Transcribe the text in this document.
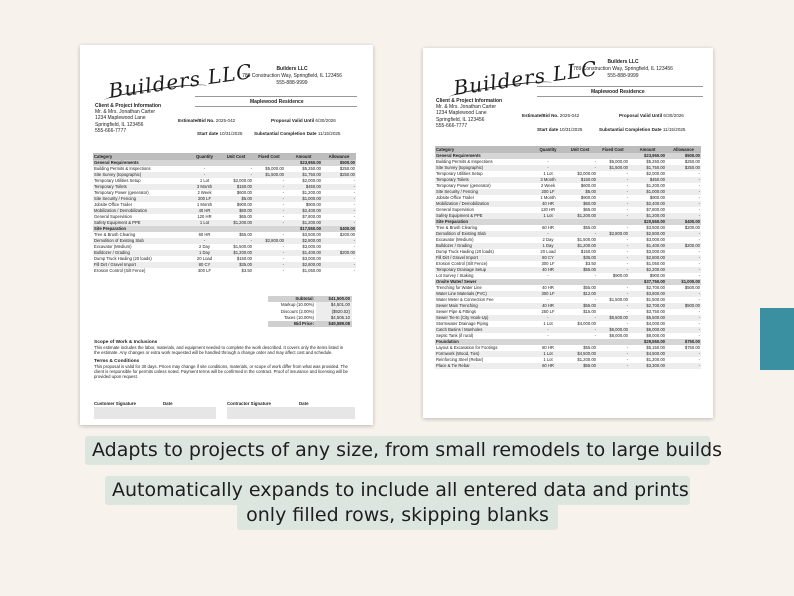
Builders LLC	Builders LLC
789 Construction Way, Springfield, IL 123456
555-888-9999
Maplewood Residence
Client & Project Information
Mr. & Mrs. Jonathan Carter
1234 Maplewood Lane
Springfield, IL 123456
555-666-7777
Estimate/Bid No. 2025-042	Proposal Valid Until 6/30/2026
Start date 10/31/2025	Substantial Completion Date 11/15/2025
Category	Quantity	Unit Cost	Fixed Cost	Amount	Allowance
General Requirements				$23,950.00	$500.00
Building Permits & Inspections	-	-	$5,000.00	$5,250.00	$250.00
Site Survey (topographic)	-	-	$1,500.00	$1,750.00	$250.00
Temporary Utilities Setup	1 Lot	$2,000.00	-	$2,000.00	-
Temporary Toilets	3 Month	$150.00	-	$450.00	-
Temporary Power (generator)	2 Week	$600.00	-	$1,200.00	-
Site Security / Fencing	200 LF	$5.00	-	$1,000.00	-
Jobsite Office Trailer	1 Month	$900.00	-	$900.00	-
Mobilization / Demobilization	40 HR	$60.00	-	$2,400.00	-
General Supervision	120 HR	$65.00	-	$7,800.00	-
Safety Equipment & PPE	1 Lot	$1,200.00	-	$1,200.00	-
Site Preparation				$17,550.00	$400.00
Tree & Brush Clearing	60 HR	$55.00	-	$3,500.00	$200.00
Demolition of Existing Slab	-	-	$2,800.00	$2,800.00	-
Excavator (Medium)	2 Day	$1,500.00	-	$3,000.00	-
Bulldozer / Grading	1 Day	$1,200.00	-	$1,400.00	$200.00
Dump Truck Hauling (20 loads)	20 Load	$150.00	-	$3,000.00	-
Fill Dirt / Gravel Import	80 CY	$35.00	-	$2,800.00	-
Erosion Control (Silt Fence)	300 LF	$3.50	-	$1,050.00	-
Subtotal:	$41,500.00
Markup (10.00%)	$4,501.00
Discount (2.00%)	($920.02)
Taxes (10.00%)	$4,506.10
Bid Price:	$49,589.08
Scope of Work & Inclusions
This estimate includes the labor, materials, and equipment needed to complete the work described. It covers only the items listed in the estimate. Any changes or extra work requested will be handled through a change order and may affect cost and schedule.
Terms & Conditions
This proposal is valid for 30 days. Prices may change if site conditions, materials, or scope of work differ from what was provided. The client is responsible for permits unless noted. Payment terms will be confirmed in the contract. Proof of insurance and licensing will be provided upon request.
Customer Signature	Date	Contractor Signature	Date
Builders LLC	Builders LLC
789 Construction Way, Springfield, IL 123456
555-888-9999
Maplewood Residence
Client & Project Information
Mr. & Mrs. Jonathan Carter
1234 Maplewood Lane
Springfield, IL 123456
555-666-7777
Estimate/Bid No. 2025-042	Proposal Valid Until 6/30/2026
Start date 10/31/2025	Substantial Completion Date 11/15/2025
Category	Quantity	Unit Cost	Fixed Cost	Amount	Allowance
General Requirements				$23,950.00	$500.00
Building Permits & Inspections	-	-	$5,000.00	$5,250.00	$250.00
Site Survey (topographic)	-	-	$1,500.00	$1,750.00	$250.00
Temporary Utilities Setup	1 Lot	$2,000.00	-	$2,000.00	-
Temporary Toilets	3 Month	$150.00	-	$450.00	-
Temporary Power (generator)	2 Week	$600.00	-	$1,200.00	-
Site Security / Fencing	200 LF	$5.00	-	$1,000.00	-
Jobsite Office Trailer	1 Month	$900.00	-	$900.00	-
Mobilization / Demobilization	40 HR	$60.00	-	$2,400.00	-
General Supervision	120 HR	$65.00	-	$7,800.00	-
Safety Equipment & PPE	1 Lot	$1,200.00	-	$1,200.00	-
Site Preparation				$20,550.00	$400.00
Tree & Brush Clearing	60 HR	$55.00	-	$3,500.00	$200.00
Demolition of Existing Slab	-	-	$2,800.00	$2,800.00	-
Excavator (Medium)	2 Day	$1,500.00	-	$3,000.00	-
Bulldozer / Grading	1 Day	$1,200.00	-	$1,400.00	$200.00
Dump Truck Hauling (20 loads)	20 Load	$150.00	-	$3,000.00	-
Fill Dirt / Gravel Import	80 CY	$35.00	-	$2,800.00	-
Erosion Control (Silt Fence)	300 LF	$3.50	-	$1,050.00	-
Temporary Drainage Setup	40 HR	$55.00	-	$2,200.00	-
Lot Survey / Staking	-	-	$900.00	$900.00	-
Onsite Water/ Sewer				$37,750.00	$1,000.00
Trenching for Water Line	40 HR	$55.00	-	$2,700.00	$500.00
Water Line Materials (PVC)	300 LF	$12.00	-	$3,600.00	-
Water Meter & Connection Fee	-	-	$1,500.00	$1,500.00	-
Sewer Main Trenching	40 HR	$55.00	-	$2,700.00	$500.00
Sewer Pipe & Fittings	250 LF	$15.00	-	$3,750.00	-
Sewer Tie-In (City Hook-Up)	-	-	$5,500.00	$5,500.00	-
Stormwater Drainage Piping	1 Lot	$4,000.00	-	$4,000.00	-
Catch Basins / Manholes	-	-	$6,000.00	$6,000.00	-
Septic Tank (if rural)	-	-	$8,000.00	$8,000.00	-
Foundation				$29,550.00	$750.00
Layout & Excavation for Footings	80 HR	$55.00	-	$5,150.00	$750.00
Formwork (Wood, Ties)	1 Lot	$4,500.00	-	$4,500.00	-
Reinforcing Steel (Rebar)	1 Lot	$1,200.00	-	$1,200.00	-
Place & Tie Rebar	60 HR	$55.00	-	$3,300.00	-
Adapts to projects of any size, from small remodels to large builds
Automatically expands to include all entered data and prints
only filled rows, skipping blanks
